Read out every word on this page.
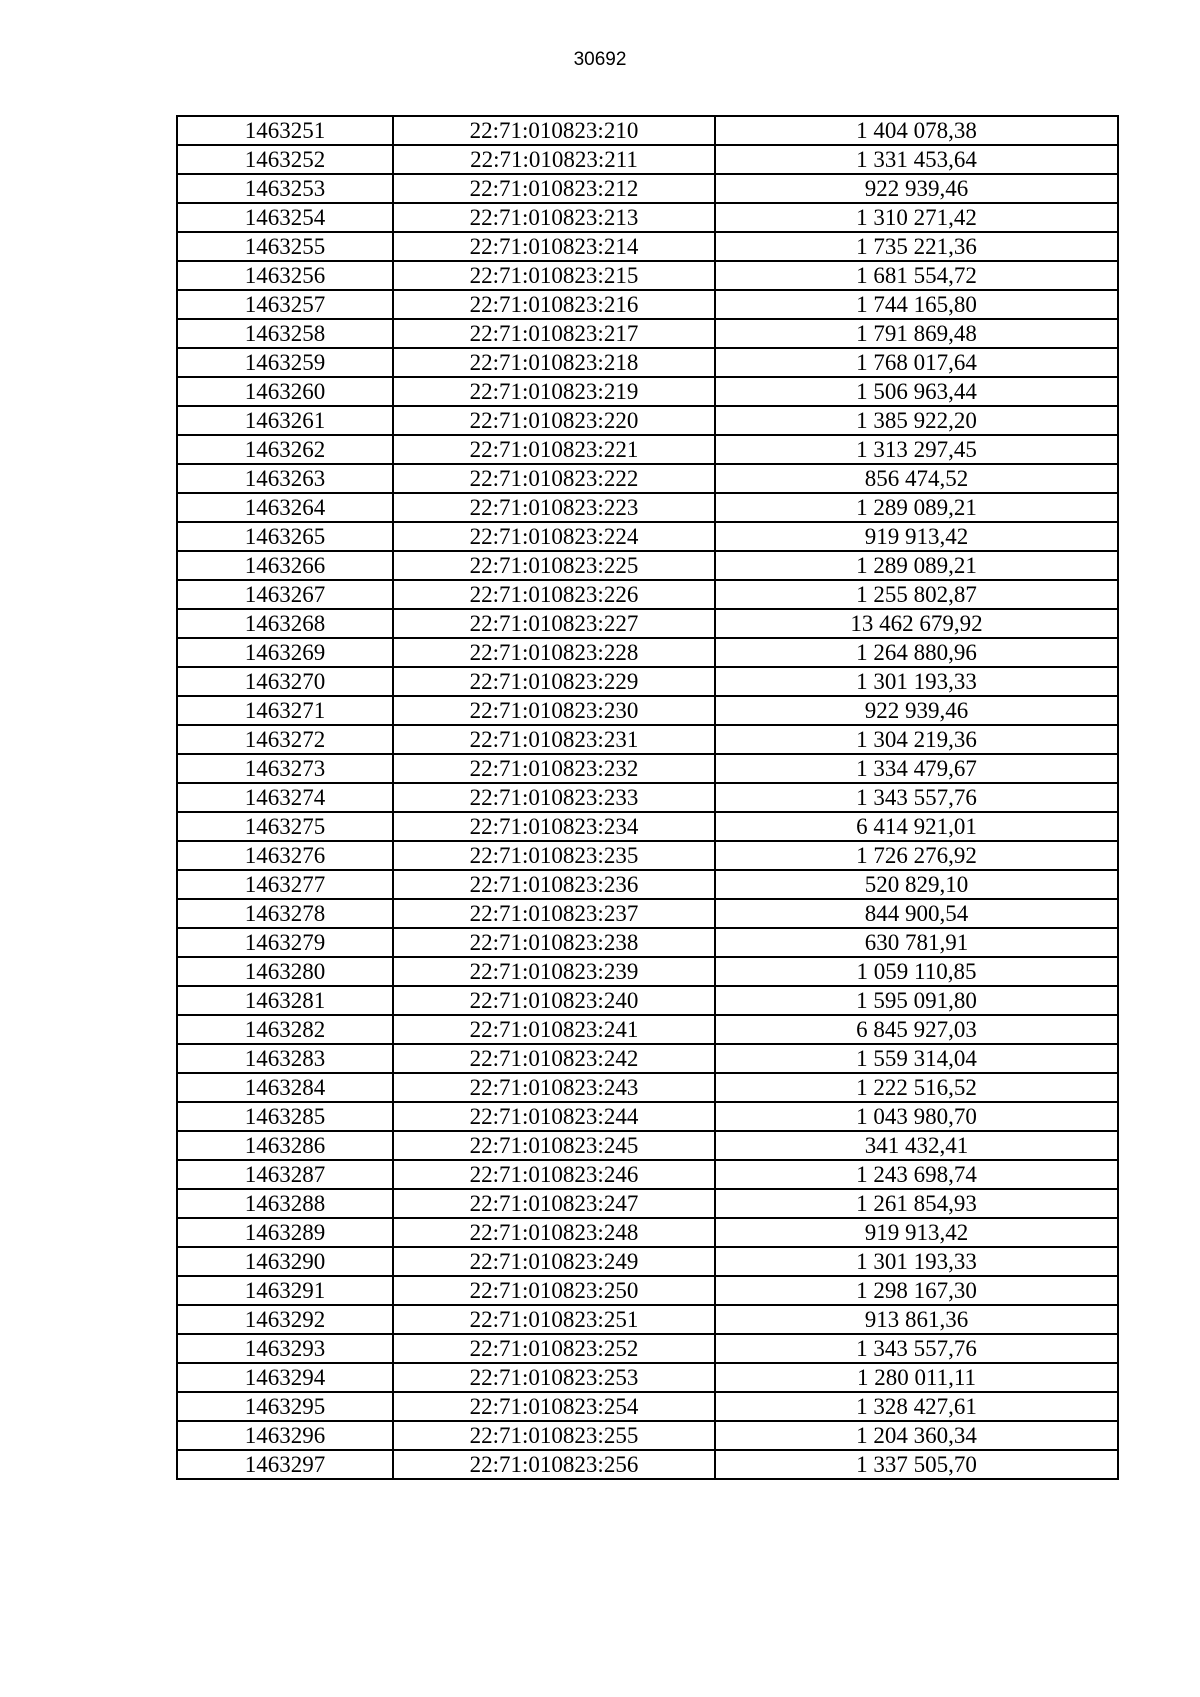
30692
1463251	22:71:010823:210	1 404 078,38
1463252	22:71:010823:211	1 331 453,64
1463253	22:71:010823:212	922 939,46
1463254	22:71:010823:213	1 310 271,42
1463255	22:71:010823:214	1 735 221,36
1463256	22:71:010823:215	1 681 554,72
1463257	22:71:010823:216	1 744 165,80
1463258	22:71:010823:217	1 791 869,48
1463259	22:71:010823:218	1 768 017,64
1463260	22:71:010823:219	1 506 963,44
1463261	22:71:010823:220	1 385 922,20
1463262	22:71:010823:221	1 313 297,45
1463263	22:71:010823:222	856 474,52
1463264	22:71:010823:223	1 289 089,21
1463265	22:71:010823:224	919 913,42
1463266	22:71:010823:225	1 289 089,21
1463267	22:71:010823:226	1 255 802,87
1463268	22:71:010823:227	13 462 679,92
1463269	22:71:010823:228	1 264 880,96
1463270	22:71:010823:229	1 301 193,33
1463271	22:71:010823:230	922 939,46
1463272	22:71:010823:231	1 304 219,36
1463273	22:71:010823:232	1 334 479,67
1463274	22:71:010823:233	1 343 557,76
1463275	22:71:010823:234	6 414 921,01
1463276	22:71:010823:235	1 726 276,92
1463277	22:71:010823:236	520 829,10
1463278	22:71:010823:237	844 900,54
1463279	22:71:010823:238	630 781,91
1463280	22:71:010823:239	1 059 110,85
1463281	22:71:010823:240	1 595 091,80
1463282	22:71:010823:241	6 845 927,03
1463283	22:71:010823:242	1 559 314,04
1463284	22:71:010823:243	1 222 516,52
1463285	22:71:010823:244	1 043 980,70
1463286	22:71:010823:245	341 432,41
1463287	22:71:010823:246	1 243 698,74
1463288	22:71:010823:247	1 261 854,93
1463289	22:71:010823:248	919 913,42
1463290	22:71:010823:249	1 301 193,33
1463291	22:71:010823:250	1 298 167,30
1463292	22:71:010823:251	913 861,36
1463293	22:71:010823:252	1 343 557,76
1463294	22:71:010823:253	1 280 011,11
1463295	22:71:010823:254	1 328 427,61
1463296	22:71:010823:255	1 204 360,34
1463297	22:71:010823:256	1 337 505,70
